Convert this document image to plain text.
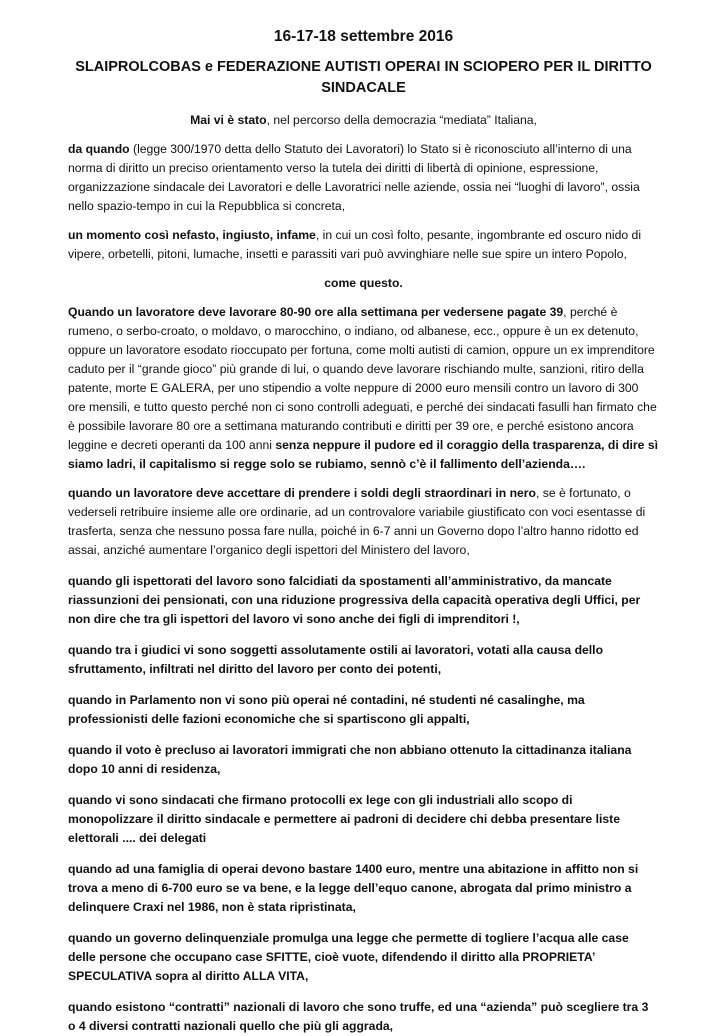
16-17-18 settembre 2016
SLAIPROLCOBAS e FEDERAZIONE AUTISTI OPERAI IN SCIOPERO PER IL DIRITTO SINDACALE

Mai vi è stato, nel percorso della democrazia “mediata” Italiana,

da quando (legge 300/1970 detta dello Statuto dei Lavoratori) lo Stato si è riconosciuto all’interno di una norma di diritto un preciso orientamento verso la tutela dei diritti di libertà di opinione, espressione, organizzazione sindacale dei Lavoratori e delle Lavoratrici nelle aziende, ossia nei “luoghi di lavoro”, ossia nello spazio-tempo in cui la Repubblica si concreta,

un momento così nefasto, ingiusto, infame, in cui un così folto, pesante, ingombrante ed oscuro nido di vipere, orbetelli, pitoni, lumache, insetti e parassiti vari può avvinghiare nelle sue spire un intero Popolo,

come questo.

Quando un lavoratore deve lavorare 80-90 ore alla settimana per vedersene pagate 39, perché è rumeno, o serbo-croato, o moldavo, o marocchino, o indiano, od albanese, ecc., oppure è un ex detenuto, oppure un lavoratore esodato rioccupato per fortuna, come molti autisti di camion, oppure un ex imprenditore caduto per il “grande gioco” più grande di lui, o quando deve lavorare rischiando multe, sanzioni, ritiro della patente, morte E GALERA, per uno stipendio a volte neppure di 2000 euro mensili contro un lavoro di 300 ore mensili, e tutto questo perché non ci sono controlli adeguati, e perché dei sindacati fasulli han firmato che è possibile lavorare 80 ore a settimana maturando contributi e diritti per 39 ore, e perché esistono ancora leggine e decreti operanti da 100 anni senza neppure il pudore ed il coraggio della trasparenza, di dire sì siamo ladri, il capitalismo si regge solo se rubiamo, sennò c’è il fallimento dell’azienda….

quando un lavoratore deve accettare di prendere i soldi degli straordinari in nero, se è fortunato, o vederseli retribuire insieme alle ore ordinarie, ad un controvalore variabile giustificato con voci esentasse di trasferta, senza che nessuno possa fare nulla, poiché in 6-7 anni un Governo dopo l’altro hanno ridotto ed assai, anziché aumentare l’organico degli ispettori del Ministero del lavoro,

quando gli ispettorati del lavoro sono falcidiati da spostamenti all’amministrativo, da mancate riassunzioni dei pensionati, con una riduzione progressiva della capacità operativa degli Uffici, per non dire che tra gli ispettori del lavoro vi sono anche dei figli di imprenditori !,

quando tra i giudici vi sono soggetti assolutamente ostili ai lavoratori, votati alla causa dello sfruttamento, infiltrati nel diritto del lavoro per conto dei potenti,

quando in Parlamento non vi sono più operai né contadini, né studenti né casalinghe, ma professionisti delle fazioni economiche che si spartiscono gli appalti,

quando il voto è precluso ai lavoratori immigrati che non abbiano ottenuto la cittadinanza italiana dopo 10 anni di residenza,

quando vi sono sindacati che firmano protocolli ex lege con gli industriali allo scopo di monopolizzare il diritto sindacale e permettere ai padroni di decidere chi debba presentare liste elettorali .... dei delegati

quando ad una famiglia di operai devono bastare 1400 euro, mentre una abitazione in affitto non si trova a meno di 6-700 euro se va bene, e la legge dell’equo canone, abrogata dal primo ministro a delinquere Craxi nel 1986, non è stata ripristinata,

quando un governo delinquenziale promulga una legge che permette di togliere l’acqua alle case delle persone che occupano case SFITTE, cioè vuote, difendendo il diritto alla PROPRIETA’ SPECULATIVA sopra al diritto ALLA VITA,

quando esistono “contratti” nazionali di lavoro che sono truffe, ed una “azienda” può scegliere tra 3 o 4 diversi contratti nazionali quello che più gli aggrada,
